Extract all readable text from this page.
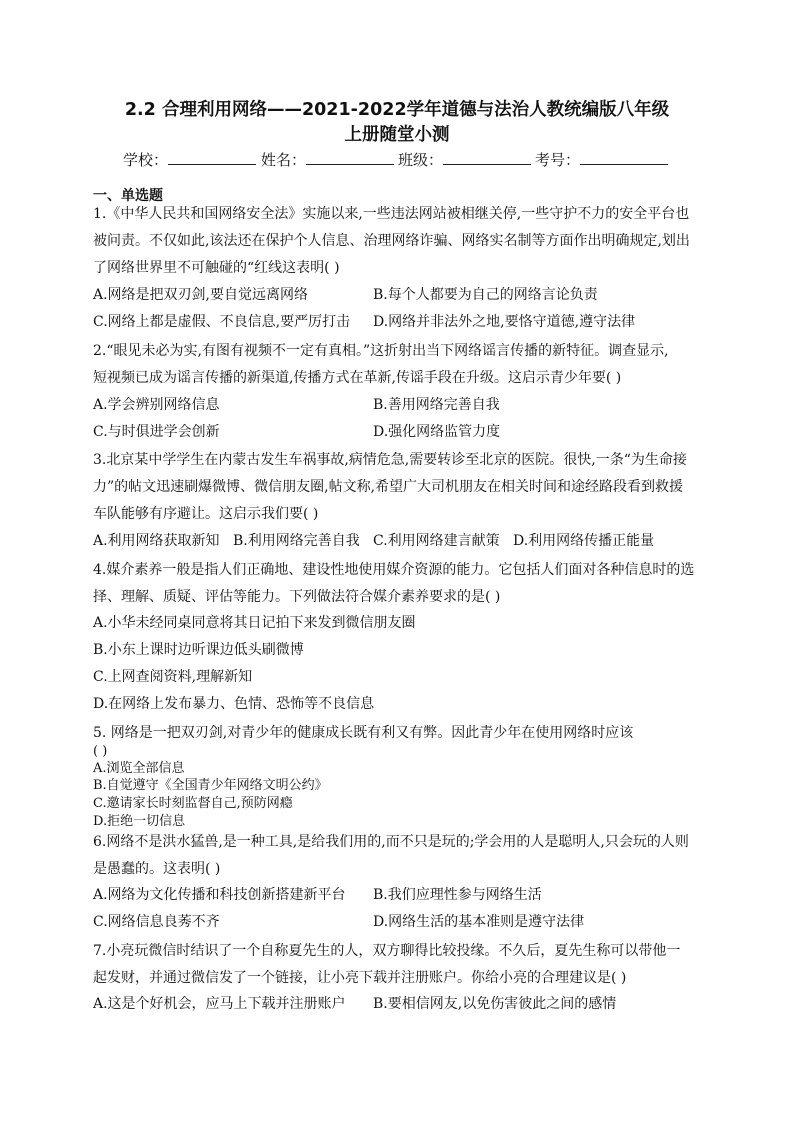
2.2 合理利用网络——2021-2022学年道德与法治人教统编版八年级
上册随堂小测
学校：	姓名：	班级：	考号：
一、单选题
1.《中华人民共和国网络安全法》实施以来,一些违法网站被相继关停,一些守护不力的安全平台也
被问责。不仅如此,该法还在保护个人信息、治理网络诈骗、网络实名制等方面作出明确规定,划出
了网络世界里不可触碰的“红线这表明( )
A.网络是把双刃剑,要自觉远离网络	B.每个人都要为自己的网络言论负责
C.网络上都是虚假、不良信息,要严厉打击 D.网络并非法外之地,要恪守道德,遵守法律
2.“眼见未必为实,有图有视频不一定有真相。”这折射出当下网络谣言传播的新特征。调查显示,
短视频已成为谣言传播的新渠道,传播方式在革新,传谣手段在升级。这启示青少年要( )
A.学会辨别网络信息	B.善用网络完善自我
C.与时俱进学会创新	D.强化网络监管力度
3.北京某中学学生在内蒙古发生车祸事故,病情危急,需要转诊至北京的医院。很快,一条“为生命接
力”的帖文迅速刷爆微博、微信朋友圈,帖文称,希望广大司机朋友在相关时间和途经路段看到救援
车队能够有序避让。这启示我们要( )
A.利用网络获取新知 B.利用网络完善自我 C.利用网络建言献策 D.利用网络传播正能量
4.媒介素养一般是指人们正确地、建设性地使用媒介资源的能力。它包括人们面对各种信息时的选
择、理解、质疑、评估等能力。下列做法符合媒介素养要求的是( )
A.小华未经同桌同意将其日记拍下来发到微信朋友圈
B.小东上课时边听课边低头刷微博
C.上网查阅资料,理解新知
D.在网络上发布暴力、色情、恐怖等不良信息
5. 网络是一把双刃剑,对青少年的健康成长既有利又有弊。因此青少年在使用网络时应该
( )
A.浏览全部信息
B.自觉遵守《全国青少年网络文明公约》
C.邀请家长时刻监督自己,预防网瘾
D.拒绝一切信息
6.网络不是洪水猛兽,是一种工具,是给我们用的,而不只是玩的;学会用的人是聪明人,只会玩的人则
是愚蠢的。这表明( )
A.网络为文化传播和科技创新搭建新平台 B.我们应理性参与网络生活
C.网络信息良莠不齐	D.网络生活的基本准则是遵守法律
7.小亮玩微信时结识了一个自称夏先生的人，双方聊得比较投缘。不久后，夏先生称可以带他一
起发财，并通过微信发了一个链接，让小亮下载并注册账户。你给小亮的合理建议是( )
A.这是个好机会，应马上下载并注册账户 B.要相信网友,以免伤害彼此之间的感情
